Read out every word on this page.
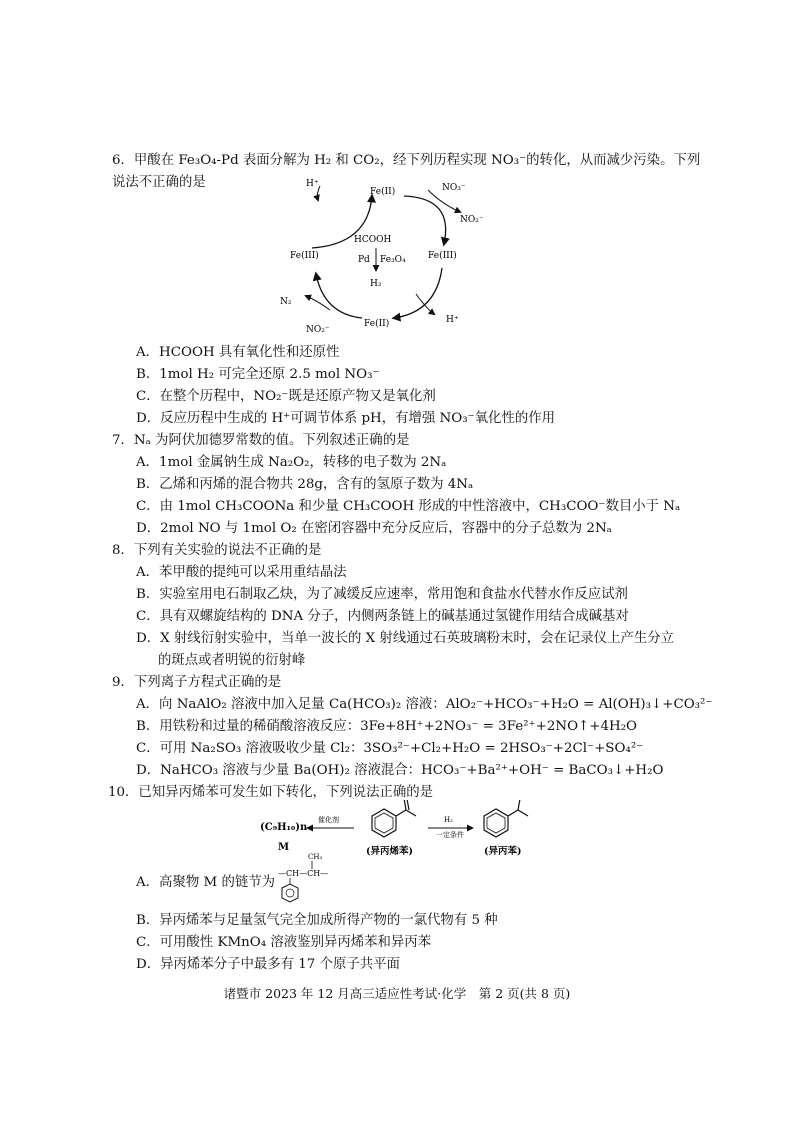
6．甲酸在 Fe₃O₄-Pd 表面分解为 H₂ 和 CO₂，经下列历程实现 NO₃⁻的转化，从而减少污染。下列
说法不正确的是
Fe(II)
Fe(III)
Fe(II)
Fe(III)
H⁺	NO₃⁻
NO₂⁻
H⁺
N₂
NO₂⁻
HCOOH
Pd Fe₃O₄
H₂
A．HCOOH 具有氧化性和还原性
B．1mol H₂ 可完全还原 2.5 mol NO₃⁻
C．在整个历程中，NO₂⁻既是还原产物又是氧化剂
D．反应历程中生成的 H⁺可调节体系 pH，有增强 NO₃⁻氧化性的作用
7．Nₐ 为阿伏加德罗常数的值。下列叙述正确的是
A．1mol 金属钠生成 Na₂O₂，转移的电子数为 2Nₐ
B．乙烯和丙烯的混合物共 28g，含有的氢原子数为 4Nₐ
C．由 1mol CH₃COONa 和少量 CH₃COOH 形成的中性溶液中，CH₃COO⁻数目小于 Nₐ
D．2mol NO 与 1mol O₂ 在密闭容器中充分反应后，容器中的分子总数为 2Nₐ
8．下列有关实验的说法不正确的是
A．苯甲酸的提纯可以采用重结晶法
B．实验室用电石制取乙炔，为了减缓反应速率，常用饱和食盐水代替水作反应试剂
C．具有双螺旋结构的 DNA 分子，内侧两条链上的碱基通过氢键作用结合成碱基对
D．X 射线衍射实验中，当单一波长的 X 射线通过石英玻璃粉末时，会在记录仪上产生分立
的斑点或者明锐的衍射峰
9．下列离子方程式正确的是
A．向 NaAlO₂ 溶液中加入足量 Ca(HCO₃)₂ 溶液：AlO₂⁻+HCO₃⁻+H₂O = Al(OH)₃↓+CO₃²⁻
B．用铁粉和过量的稀硝酸溶液反应：3Fe+8H⁺+2NO₃⁻ = 3Fe²⁺+2NO↑+4H₂O
C．可用 Na₂SO₃ 溶液吸收少量 Cl₂：3SO₃²⁻+Cl₂+H₂O = 2HSO₃⁻+2Cl⁻+SO₄²⁻
D．NaHCO₃ 溶液与少量 Ba(OH)₂ 溶液混合：HCO₃⁻+Ba²⁺+OH⁻ = BaCO₃↓+H₂O
10．已知异丙烯苯可发生如下转化，下列说法正确的是
(C₉H₁₀)n
M
催化剂
(异丙烯苯)
H₂
一定条件
(异丙苯)
A．高聚物 M 的链节为
CH₃
—CH—CH—
B．异丙烯苯与足量氢气完全加成所得产物的一氯代物有 5 种
C．可用酸性 KMnO₄ 溶液鉴别异丙烯苯和异丙苯
D．异丙烯苯分子中最多有 17 个原子共平面
诸暨市 2023 年 12 月高三适应性考试·化学　第 2 页(共 8 页)
